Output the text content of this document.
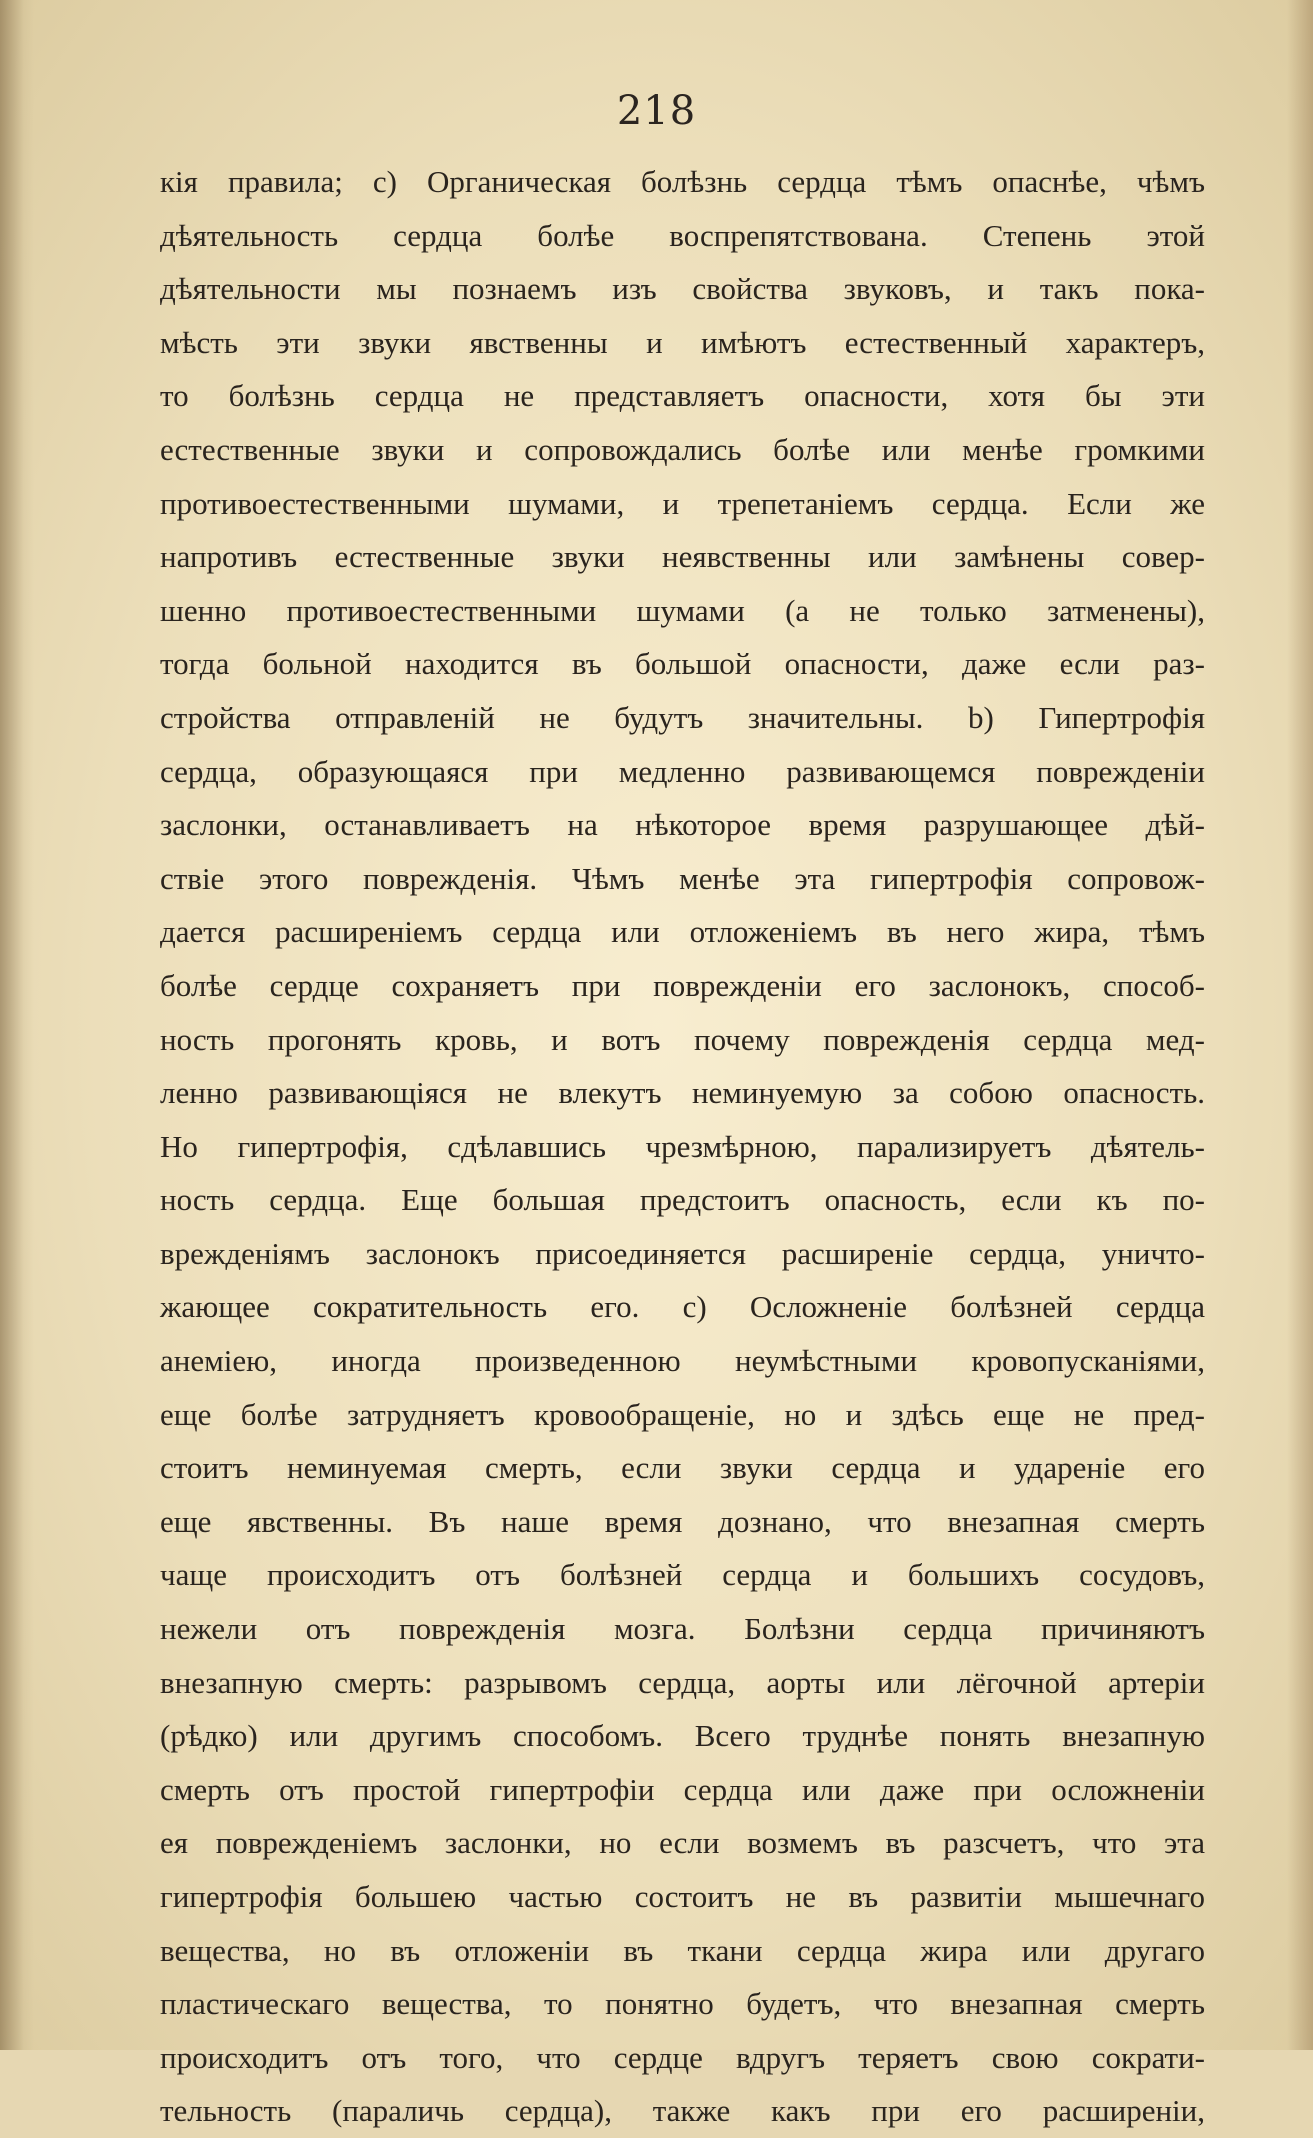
218
кія правила; c) Органическая болѣзнь сердца тѣмъ опаснѣе, чѣмъ
дѣятельность сердца болѣе воспрепятствована. Степень этой
дѣятельности мы познаемъ изъ свойства звуковъ, и такъ пока-
мѣсть эти звуки явственны и имѣютъ естественный характеръ,
то болѣзнь сердца не представляетъ опасности, хотя бы эти
естественные звуки и сопровождались болѣе или менѣе громкими
противоестественными шумами, и трепетаніемъ сердца. Если же
напротивъ естественные звуки неявственны или замѣнены совер-
шенно противоестественными шумами (а не только затменены),
тогда больной находится въ большой опасности, даже если раз-
стройства отправленій не будутъ значительны. b) Гипертрофія
сердца, образующаяся при медленно развивающемся поврежденіи
заслонки, останавливаетъ на нѣкоторое время разрушающее дѣй-
ствіе этого поврежденія. Чѣмъ менѣе эта гипертрофія сопровож-
дается расширеніемъ сердца или отложеніемъ въ него жира, тѣмъ
болѣе сердце сохраняетъ при поврежденіи его заслонокъ, способ-
ность прогонять кровь, и вотъ почему поврежденія сердца мед-
ленно развивающіяся не влекутъ неминуемую за собою опасность.
Но гипертрофія, сдѣлавшись чрезмѣрною, парализируетъ дѣятель-
ность сердца. Еще большая предстоитъ опасность, если къ по-
врежденіямъ заслонокъ присоединяется расширеніе сердца, уничто-
жающее сократительность его. c) Осложненіе болѣзней сердца
анеміею, иногда произведенною неумѣстными кровопусканіями,
еще болѣе затрудняетъ кровообращеніе, но и здѣсь еще не пред-
стоитъ неминуемая смерть, если звуки сердца и удареніе его
еще явственны. Въ наше время дознано, что внезапная смерть
чаще происходитъ отъ болѣзней сердца и большихъ сосудовъ,
нежели отъ поврежденія мозга. Болѣзни сердца причиняютъ
внезапную смерть: разрывомъ сердца, аорты или лёгочной артеріи
(рѣдко) или другимъ способомъ. Всего труднѣе понять внезапную
смерть отъ простой гипертрофіи сердца или даже при осложненіи
ея поврежденіемъ заслонки, но если возмемъ въ разсчетъ, что эта
гипертрофія большею частью состоитъ не въ развитіи мышечнаго
вещества, но въ отложеніи въ ткани сердца жира или другаго
пластическаго вещества, то понятно будетъ, что внезапная смерть
происходитъ отъ того, что сердце вдругъ теряетъ свою сократи-
тельность (параличь сердца), также какъ при его расширеніи,
